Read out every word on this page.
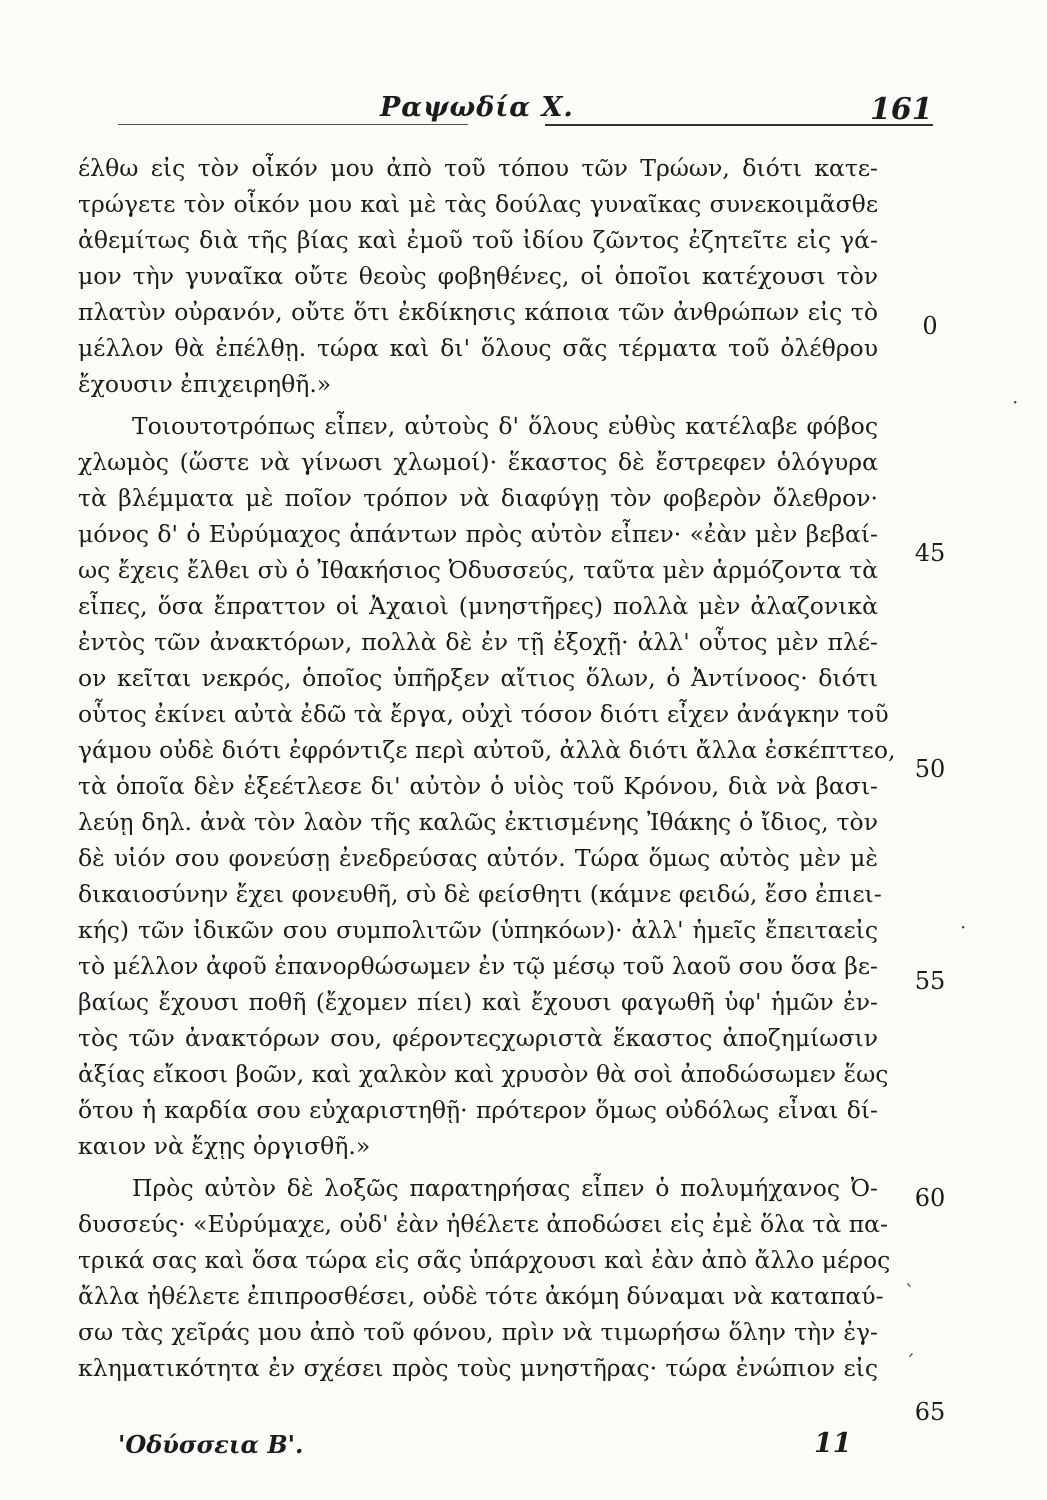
Ραψωδία Χ.	161
έλθω εἰς τὸν οἶκόν μου ἀπὸ τοῦ τόπου τῶν Τρώων, διότι κατε-
τρώγετε τὸν οἶκόν μου καὶ μὲ τὰς δούλας γυναῖκας συνεκοιμᾶσθε
ἀθεμίτως διὰ τῆς βίας καὶ ἐμοῦ τοῦ ἰδίου ζῶντος ἐζητεῖτε εἰς γά-
μον τὴν γυναῖκα οὔτε θεοὺς φοβηθένες, οἱ ὁποῖοι κατέχουσι τὸν
πλατὺν οὐρανόν, οὔτε ὅτι ἐκδίκησις κάποια τῶν ἀνθρώπων εἰς τὸ
μέλλον θὰ ἐπέλθῃ. τώρα καὶ δι' ὅλους σᾶς τέρματα τοῦ ὀλέθρου
ἔχουσιν ἐπιχειρηθῆ.»
Τοιουτοτρόπως εἶπεν, αὐτοὺς δ' ὅλους εὐθὺς κατέλαβε φόβος
χλωμὸς (ὥστε νὰ γίνωσι χλωμοί)· ἕκαστος δὲ ἔστρεφεν ὁλόγυρα
τὰ βλέμματα μὲ ποῖον τρόπον νὰ διαφύγῃ τὸν φοβερὸν ὄλεθρον·
μόνος δ' ὁ Εὐρύμαχος ἁπάντων πρὸς αὐτὸν εἶπεν· «ἐὰν μὲν βεβαί-
ως ἔχεις ἔλθει σὺ ὁ Ἰθακήσιος Ὀδυσσεύς, ταῦτα μὲν ἁρμόζοντα τὰ
εἶπες, ὅσα ἔπραττον οἱ Ἀχαιοὶ (μνηστῆρες) πολλὰ μὲν ἀλαζονικὰ
ἐντὸς τῶν ἀνακτόρων, πολλὰ δὲ ἐν τῇ ἐξοχῇ· ἀλλ' οὗτος μὲν πλέ-
ον κεῖται νεκρός, ὁποῖος ὑπῆρξεν αἴτιος ὅλων, ὁ Ἀντίνοος· διότι
οὗτος ἐκίνει αὐτὰ ἐδῶ τὰ ἔργα, οὐχὶ τόσον διότι εἶχεν ἀνάγκην τοῦ
γάμου οὐδὲ διότι ἐφρόντιζε περὶ αὐτοῦ, ἀλλὰ διότι ἄλλα ἐσκέπττεο,
τὰ ὁποῖα δὲν ἐξεέτλεσε δι' αὐτὸν ὁ υἱὸς τοῦ Κρόνου, διὰ νὰ βασι-
λεύῃ δηλ. ἀνὰ τὸν λαὸν τῆς καλῶς ἐκτισμένης Ἰθάκης ὁ ἴδιος, τὸν
δὲ υἱόν σου φονεύσῃ ἐνεδρεύσας αὐτόν. Τώρα ὅμως αὐτὸς μὲν μὲ
δικαιοσύνην ἔχει φονευθῆ, σὺ δὲ φείσθητι (κάμνε φειδώ, ἔσο ἐπιει-
κής) τῶν ἰδικῶν σου συμπολιτῶν (ὑπηκόων)· ἀλλ' ἡμεῖς ἔπειταεἰς
τὸ μέλλον ἀφοῦ ἐπανορθώσωμεν ἐν τῷ μέσῳ τοῦ λαοῦ σου ὅσα βε-
βαίως ἔχουσι ποθῆ (ἔχομεν πίει) καὶ ἔχουσι φαγωθῆ ὑφ' ἡμῶν ἐν-
τὸς τῶν ἀνακτόρων σου, φέροντεςχωριστὰ ἕκαστος ἀποζημίωσιν
ἀξίας εἴκοσι βοῶν, καὶ χαλκὸν καὶ χρυσὸν θὰ σοὶ ἀποδώσωμεν ἕως
ὅτου ἡ καρδία σου εὐχαριστηθῇ· πρότερον ὅμως οὐδόλως εἶναι δί-
καιον νὰ ἔχῃς ὀργισθῆ.»
Πρὸς αὐτὸν δὲ λοξῶς παρατηρήσας εἶπεν ὁ πολυμήχανος Ὀ-
δυσσεύς· «Εὐρύμαχε, οὐδ' ἐὰν ἠθέλετε ἀποδώσει εἰς ἐμὲ ὅλα τὰ πα-
τρικά σας καὶ ὅσα τώρα εἰς σᾶς ὑπάρχουσι καὶ ἐὰν ἀπὸ ἄλλο μέρος
ἄλλα ἠθέλετε ἐπιπροσθέσει, οὐδὲ τότε ἀκόμη δύναμαι νὰ καταπαύ-
σω τὰς χεῖράς μου ἀπὸ τοῦ φόνου, πρὶν νὰ τιμωρήσω ὅλην τὴν ἐγ-
κληματικότητα ἐν σχέσει πρὸς τοὺς μνηστῆρας· τώρα ἐνώπιον εἰς
0
45
50
55
60
65
·
·
ˋ
ˊ
'Οδύσσεια Β'.	11
